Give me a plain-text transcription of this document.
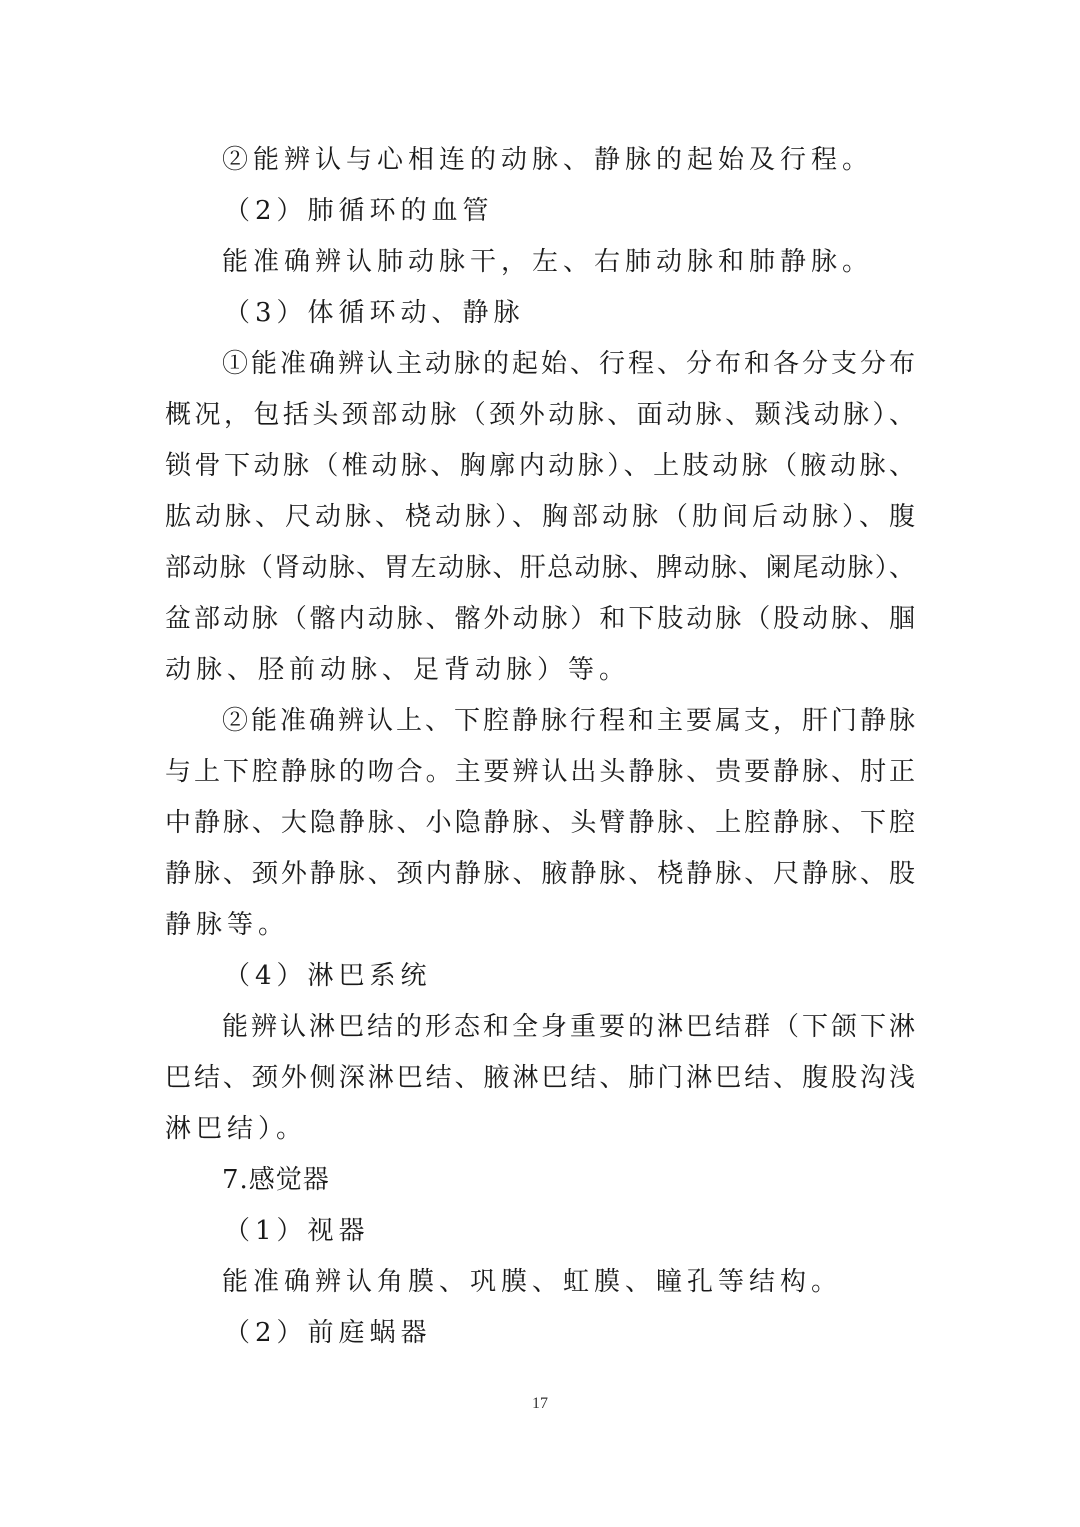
②能辨认与心相连的动脉、静脉的起始及行程。
（2）肺循环的血管
能准确辨认肺动脉干，左、右肺动脉和肺静脉。
（3）体循环动、静脉
①能准确辨认主动脉的起始、行程、分布和各分支分布
概况，包括头颈部动脉（颈外动脉、面动脉、颞浅动脉）、
锁骨下动脉（椎动脉、胸廓内动脉）、上肢动脉（腋动脉、
肱动脉、尺动脉、桡动脉）、胸部动脉（肋间后动脉）、腹
部动脉（肾动脉、胃左动脉、肝总动脉、脾动脉、阑尾动脉）、
盆部动脉（髂内动脉、髂外动脉）和下肢动脉（股动脉、腘
动脉、胫前动脉、足背动脉）等。
②能准确辨认上、下腔静脉行程和主要属支，肝门静脉
与上下腔静脉的吻合。主要辨认出头静脉、贵要静脉、肘正
中静脉、大隐静脉、小隐静脉、头臂静脉、上腔静脉、下腔
静脉、颈外静脉、颈内静脉、腋静脉、桡静脉、尺静脉、股
静脉等。
（4）淋巴系统
能辨认淋巴结的形态和全身重要的淋巴结群（下颌下淋
巴结、颈外侧深淋巴结、腋淋巴结、肺门淋巴结、腹股沟浅
淋巴结）。
7.感觉器
（1）视器
能准确辨认角膜、巩膜、虹膜、瞳孔等结构。
（2）前庭蜗器
17
